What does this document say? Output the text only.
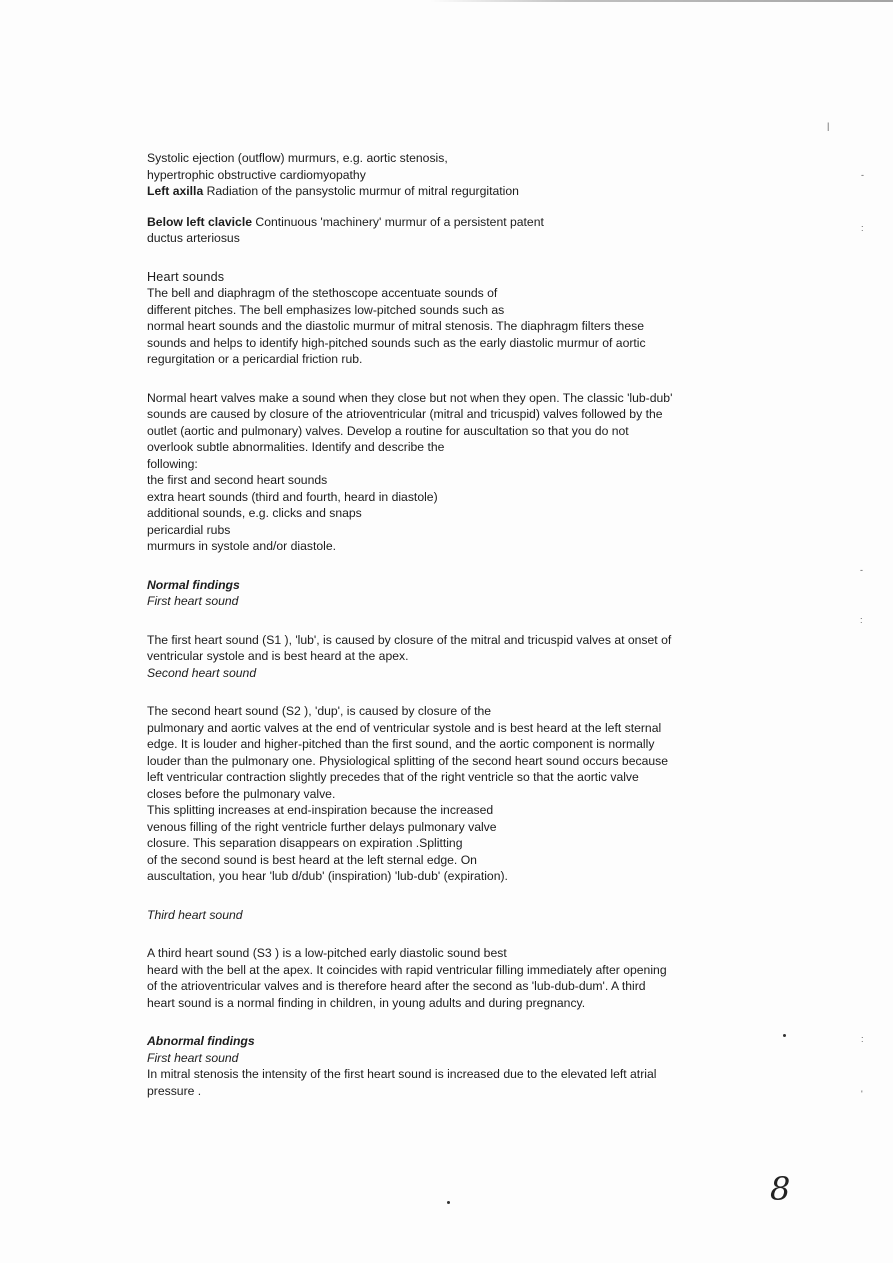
Systolic ejection (outflow) murmurs, e.g. aortic stenosis,

hypertrophic obstructive cardiomyopathy

Left axilla Radiation of the pansystolic murmur of mitral regurgitation

Below left clavicle Continuous 'machinery' murmur of a persistent patent

ductus arteriosus

Heart sounds

The bell and diaphragm of the stethoscope accentuate sounds of

different pitches. The bell emphasizes low-pitched sounds such as

normal heart sounds and the diastolic murmur of mitral stenosis. The diaphragm filters these

sounds and helps to identify high-pitched sounds such as the early diastolic murmur of aortic

regurgitation or a pericardial friction rub.

Normal heart valves make a sound when they close but not when they open. The classic 'lub-dub'

sounds are caused by closure of the atrioventricular (mitral and tricuspid) valves followed by the

outlet (aortic and pulmonary) valves. Develop a routine for auscultation so that you do not

overlook subtle abnormalities. Identify and describe the

following:

the first and second heart sounds

extra heart sounds (third and fourth, heard in diastole)

additional sounds, e.g. clicks and snaps

pericardial rubs

murmurs in systole and/or diastole.

Normal findings

First heart sound

The first heart sound (S1 ), 'lub', is caused by closure of the mitral and tricuspid valves at onset of

ventricular systole and is best heard at the apex.

Second heart sound

The second heart sound (S2 ), 'dup', is caused by closure of the

pulmonary and aortic valves at the end of ventricular systole and is best heard at the left sternal

edge. It is louder and higher-pitched than the first sound, and the aortic component is normally

louder than the pulmonary one. Physiological splitting of the second heart sound occurs because

left ventricular contraction slightly precedes that of the right ventricle so that the aortic valve

closes before the pulmonary valve.

This splitting increases at end-inspiration because the increased

venous filling of the right ventricle further delays pulmonary valve

closure. This separation disappears on expiration .Splitting

of the second sound is best heard at the left sternal edge. On

auscultation, you hear 'lub d/dub' (inspiration) 'lub-dub' (expiration).

Third heart sound

A third heart sound (S3 ) is a low-pitched early diastolic sound best

heard with the bell at the apex. It coincides with rapid ventricular filling immediately after opening

of the atrioventricular valves and is therefore heard after the second as 'lub-dub-dum'. A third

heart sound is a normal finding in children, in young adults and during pregnancy.

Abnormal findings

First heart sound

In mitral stenosis the intensity of the first heart sound is increased due to the elevated left atrial

pressure .

|
-
:
-
:
:
'
8
